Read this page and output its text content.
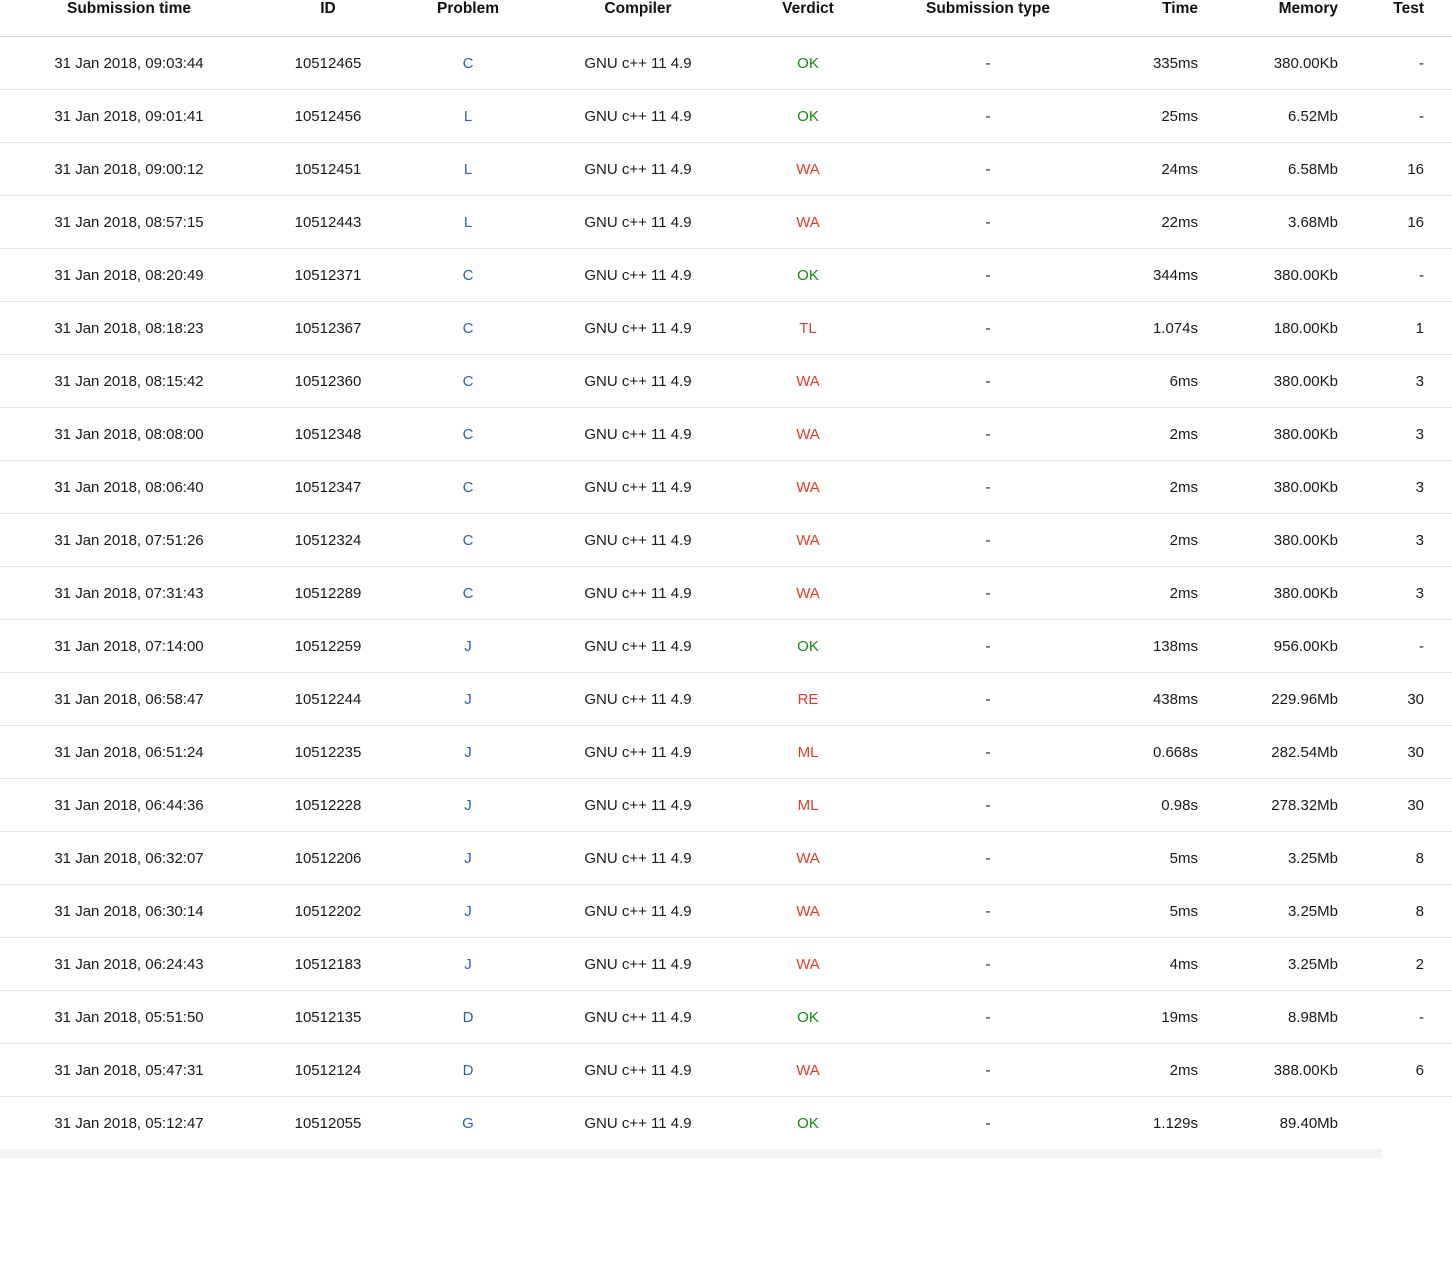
Submission time	ID	Problem	Compiler	Verdict	Submission type	Time	Memory	Test
31 Jan 2018, 09:03:44	10512465	C	GNU c++ 11 4.9	OK	-	335ms	380.00Kb	-
31 Jan 2018, 09:01:41	10512456	L	GNU c++ 11 4.9	OK	-	25ms	6.52Mb	-
31 Jan 2018, 09:00:12	10512451	L	GNU c++ 11 4.9	WA	-	24ms	6.58Mb	16
31 Jan 2018, 08:57:15	10512443	L	GNU c++ 11 4.9	WA	-	22ms	3.68Mb	16
31 Jan 2018, 08:20:49	10512371	C	GNU c++ 11 4.9	OK	-	344ms	380.00Kb	-
31 Jan 2018, 08:18:23	10512367	C	GNU c++ 11 4.9	TL	-	1.074s	180.00Kb	1
31 Jan 2018, 08:15:42	10512360	C	GNU c++ 11 4.9	WA	-	6ms	380.00Kb	3
31 Jan 2018, 08:08:00	10512348	C	GNU c++ 11 4.9	WA	-	2ms	380.00Kb	3
31 Jan 2018, 08:06:40	10512347	C	GNU c++ 11 4.9	WA	-	2ms	380.00Kb	3
31 Jan 2018, 07:51:26	10512324	C	GNU c++ 11 4.9	WA	-	2ms	380.00Kb	3
31 Jan 2018, 07:31:43	10512289	C	GNU c++ 11 4.9	WA	-	2ms	380.00Kb	3
31 Jan 2018, 07:14:00	10512259	J	GNU c++ 11 4.9	OK	-	138ms	956.00Kb	-
31 Jan 2018, 06:58:47	10512244	J	GNU c++ 11 4.9	RE	-	438ms	229.96Mb	30
31 Jan 2018, 06:51:24	10512235	J	GNU c++ 11 4.9	ML	-	0.668s	282.54Mb	30
31 Jan 2018, 06:44:36	10512228	J	GNU c++ 11 4.9	ML	-	0.98s	278.32Mb	30
31 Jan 2018, 06:32:07	10512206	J	GNU c++ 11 4.9	WA	-	5ms	3.25Mb	8
31 Jan 2018, 06:30:14	10512202	J	GNU c++ 11 4.9	WA	-	5ms	3.25Mb	8
31 Jan 2018, 06:24:43	10512183	J	GNU c++ 11 4.9	WA	-	4ms	3.25Mb	2
31 Jan 2018, 05:51:50	10512135	D	GNU c++ 11 4.9	OK	-	19ms	8.98Mb	-
31 Jan 2018, 05:47:31	10512124	D	GNU c++ 11 4.9	WA	-	2ms	388.00Kb	6
31 Jan 2018, 05:12:47	10512055	G	GNU c++ 11 4.9	OK	-	1.129s	89.40Mb	
